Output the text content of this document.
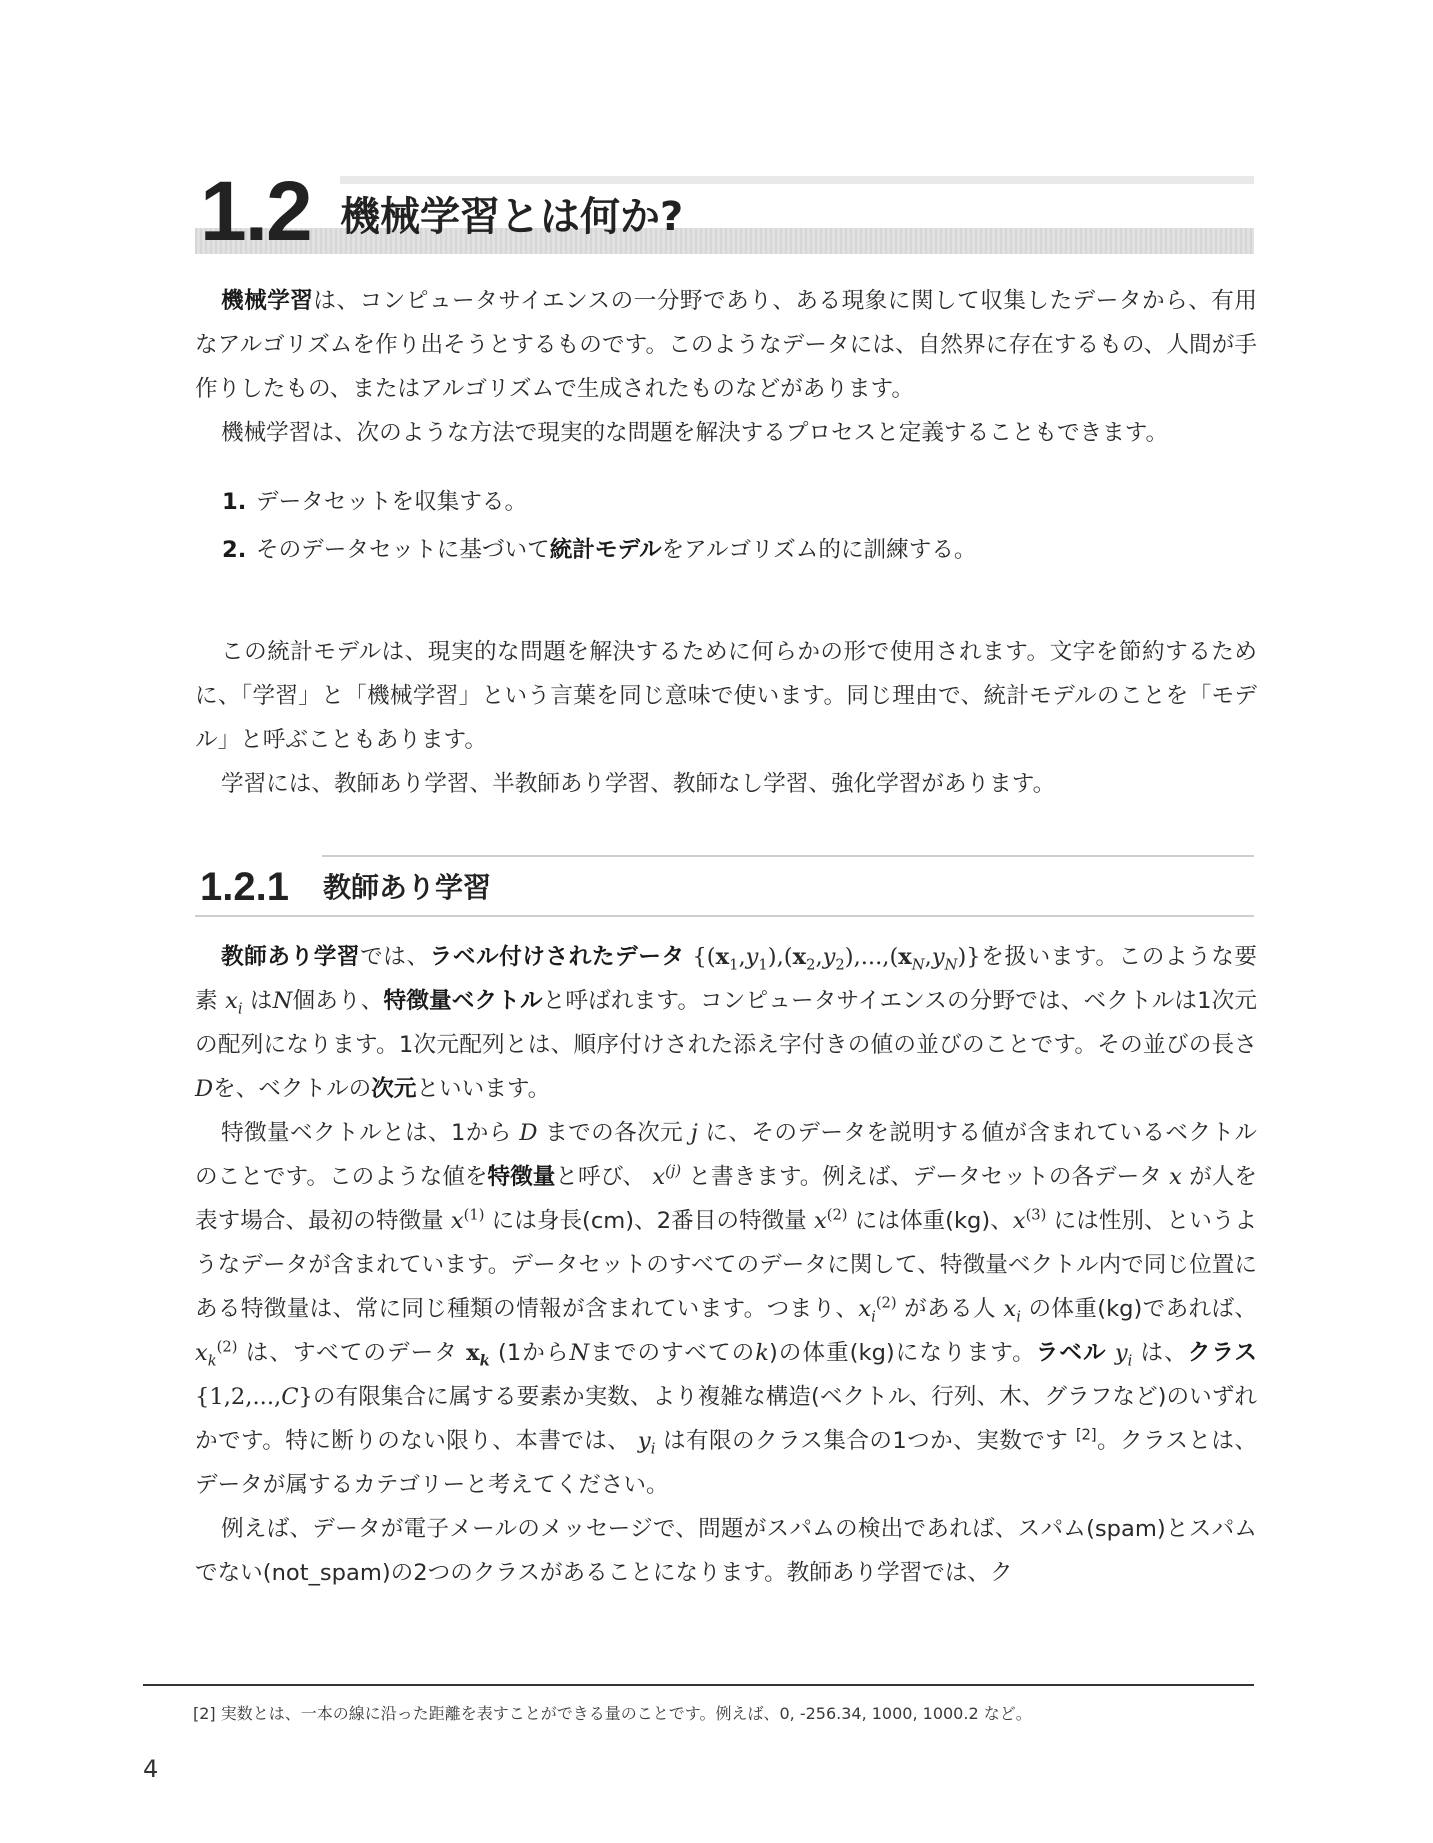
1.2 機械学習とは何か?

機械学習は、コンピュータサイエンスの一分野であり、ある現象に関して収集したデータから、有用なアルゴリズムを作り出そうとするものです。このようなデータには、自然界に存在するもの、人間が手作りしたもの、またはアルゴリズムで生成されたものなどがあります。

機械学習は、次のような方法で現実的な問題を解決するプロセスと定義することもできます。

1. データセットを収集する。
2. そのデータセットに基づいて統計モデルをアルゴリズム的に訓練する。

この統計モデルは、現実的な問題を解決するために何らかの形で使用されます。文字を節約するために、「学習」と「機械学習」という言葉を同じ意味で使います。同じ理由で、統計モデルのことを「モデル」と呼ぶこともあります。

学習には、教師あり学習、半教師あり学習、教師なし学習、強化学習があります。

1.2.1 教師あり学習

教師あり学習では、ラベル付けされたデータ $\{(x_1,y_1),(x_2,y_2),...,(x_N,y_N)\}$を扱います。このような要素 $x_i$ はN個あり、特徴量ベクトルと呼ばれます。コンピュータサイエンスの分野では、ベクトルは1次元の配列になります。1次元配列とは、順序付けされた添え字付きの値の並びのことです。その並びの長さ Dを、ベクトルの次元といいます。

特徴量ベクトルとは、1から D までの各次元 j に、そのデータを説明する値が含まれているベクトルのことです。このような値を特徴量と呼び、 $x^{(j)}$ と書きます。例えば、データセットの各データ x が人を表す場合、最初の特徴量 $x^{(1)}$ には身長(cm)、2番目の特徴量 $x^{(2)}$ には体重(kg)、$x^{(3)}$ には性別、というようなデータが含まれています。データセットのすべてのデータに関して、特徴量ベクトル内で同じ位置にある特徴量は、常に同じ種類の情報が含まれています。つまり、$x_i^{(2)}$ がある人 $x_i$ の体重(kg)であれば、 $x_k^{(2)}$ は、すべてのデータ $x_k$ (1からNまでのすべてのk)の体重(kg)になります。ラベル $y_i$ は、クラス {1,2,...,C}の有限集合に属する要素か実数、より複雑な構造(ベクトル、行列、木、グラフなど)のいずれかです。特に断りのない限り、本書では、 $y_i$ は有限のクラス集合の1つか、実数です [2]。クラスとは、データが属するカテゴリーと考えてください。

例えば、データが電子メールのメッセージで、問題がスパムの検出であれば、スパム(spam)とスパムでない(not_spam)の2つのクラスがあることになります。教師あり学習では、ク

[2] 実数とは、一本の線に沿った距離を表すことができる量のことです。例えば、0, -256.34, 1000, 1000.2 など。
4
